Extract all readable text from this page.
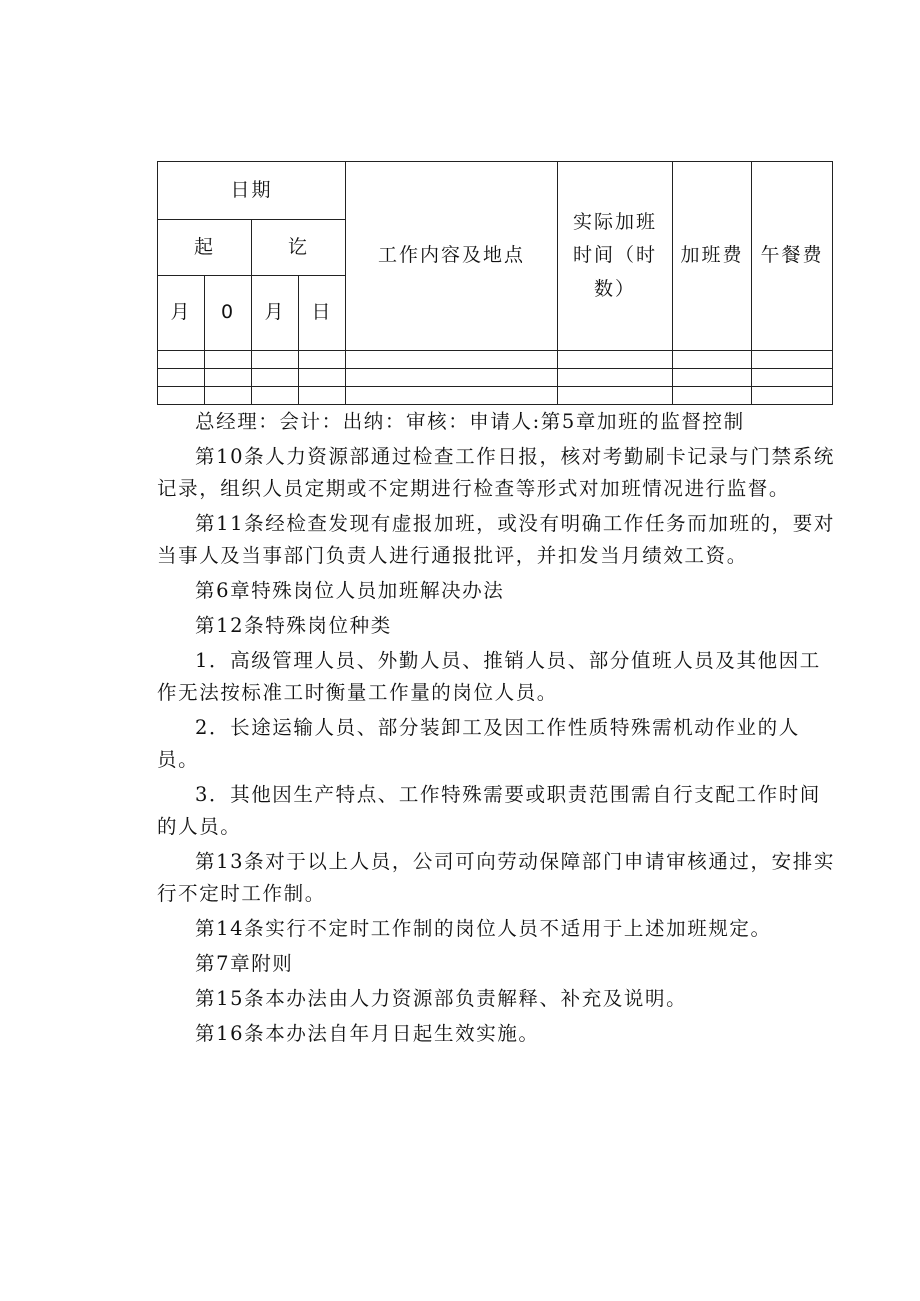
日期				工作内容及地点	实际加班时间（时数）	加班费	午餐费
起		讫					
月	0	月	日				

总经理：会计：出纳：审核：申请人:第5章加班的监督控制

第10条人力资源部通过检查工作日报，核对考勤刷卡记录与门禁系统记录，组织人员定期或不定期进行检查等形式对加班情况进行监督。

第11条经检查发现有虚报加班，或没有明确工作任务而加班的，要对当事人及当事部门负责人进行通报批评，并扣发当月绩效工资。

第6章特殊岗位人员加班解决办法

第12条特殊岗位种类

1．高级管理人员、外勤人员、推销人员、部分值班人员及其他因工作无法按标准工时衡量工作量的岗位人员。

2．长途运输人员、部分装卸工及因工作性质特殊需机动作业的人员。

3．其他因生产特点、工作特殊需要或职责范围需自行支配工作时间的人员。

第13条对于以上人员，公司可向劳动保障部门申请审核通过，安排实行不定时工作制。

第14条实行不定时工作制的岗位人员不适用于上述加班规定。

第7章附则

第15条本办法由人力资源部负责解释、补充及说明。

第16条本办法自年月日起生效实施。
